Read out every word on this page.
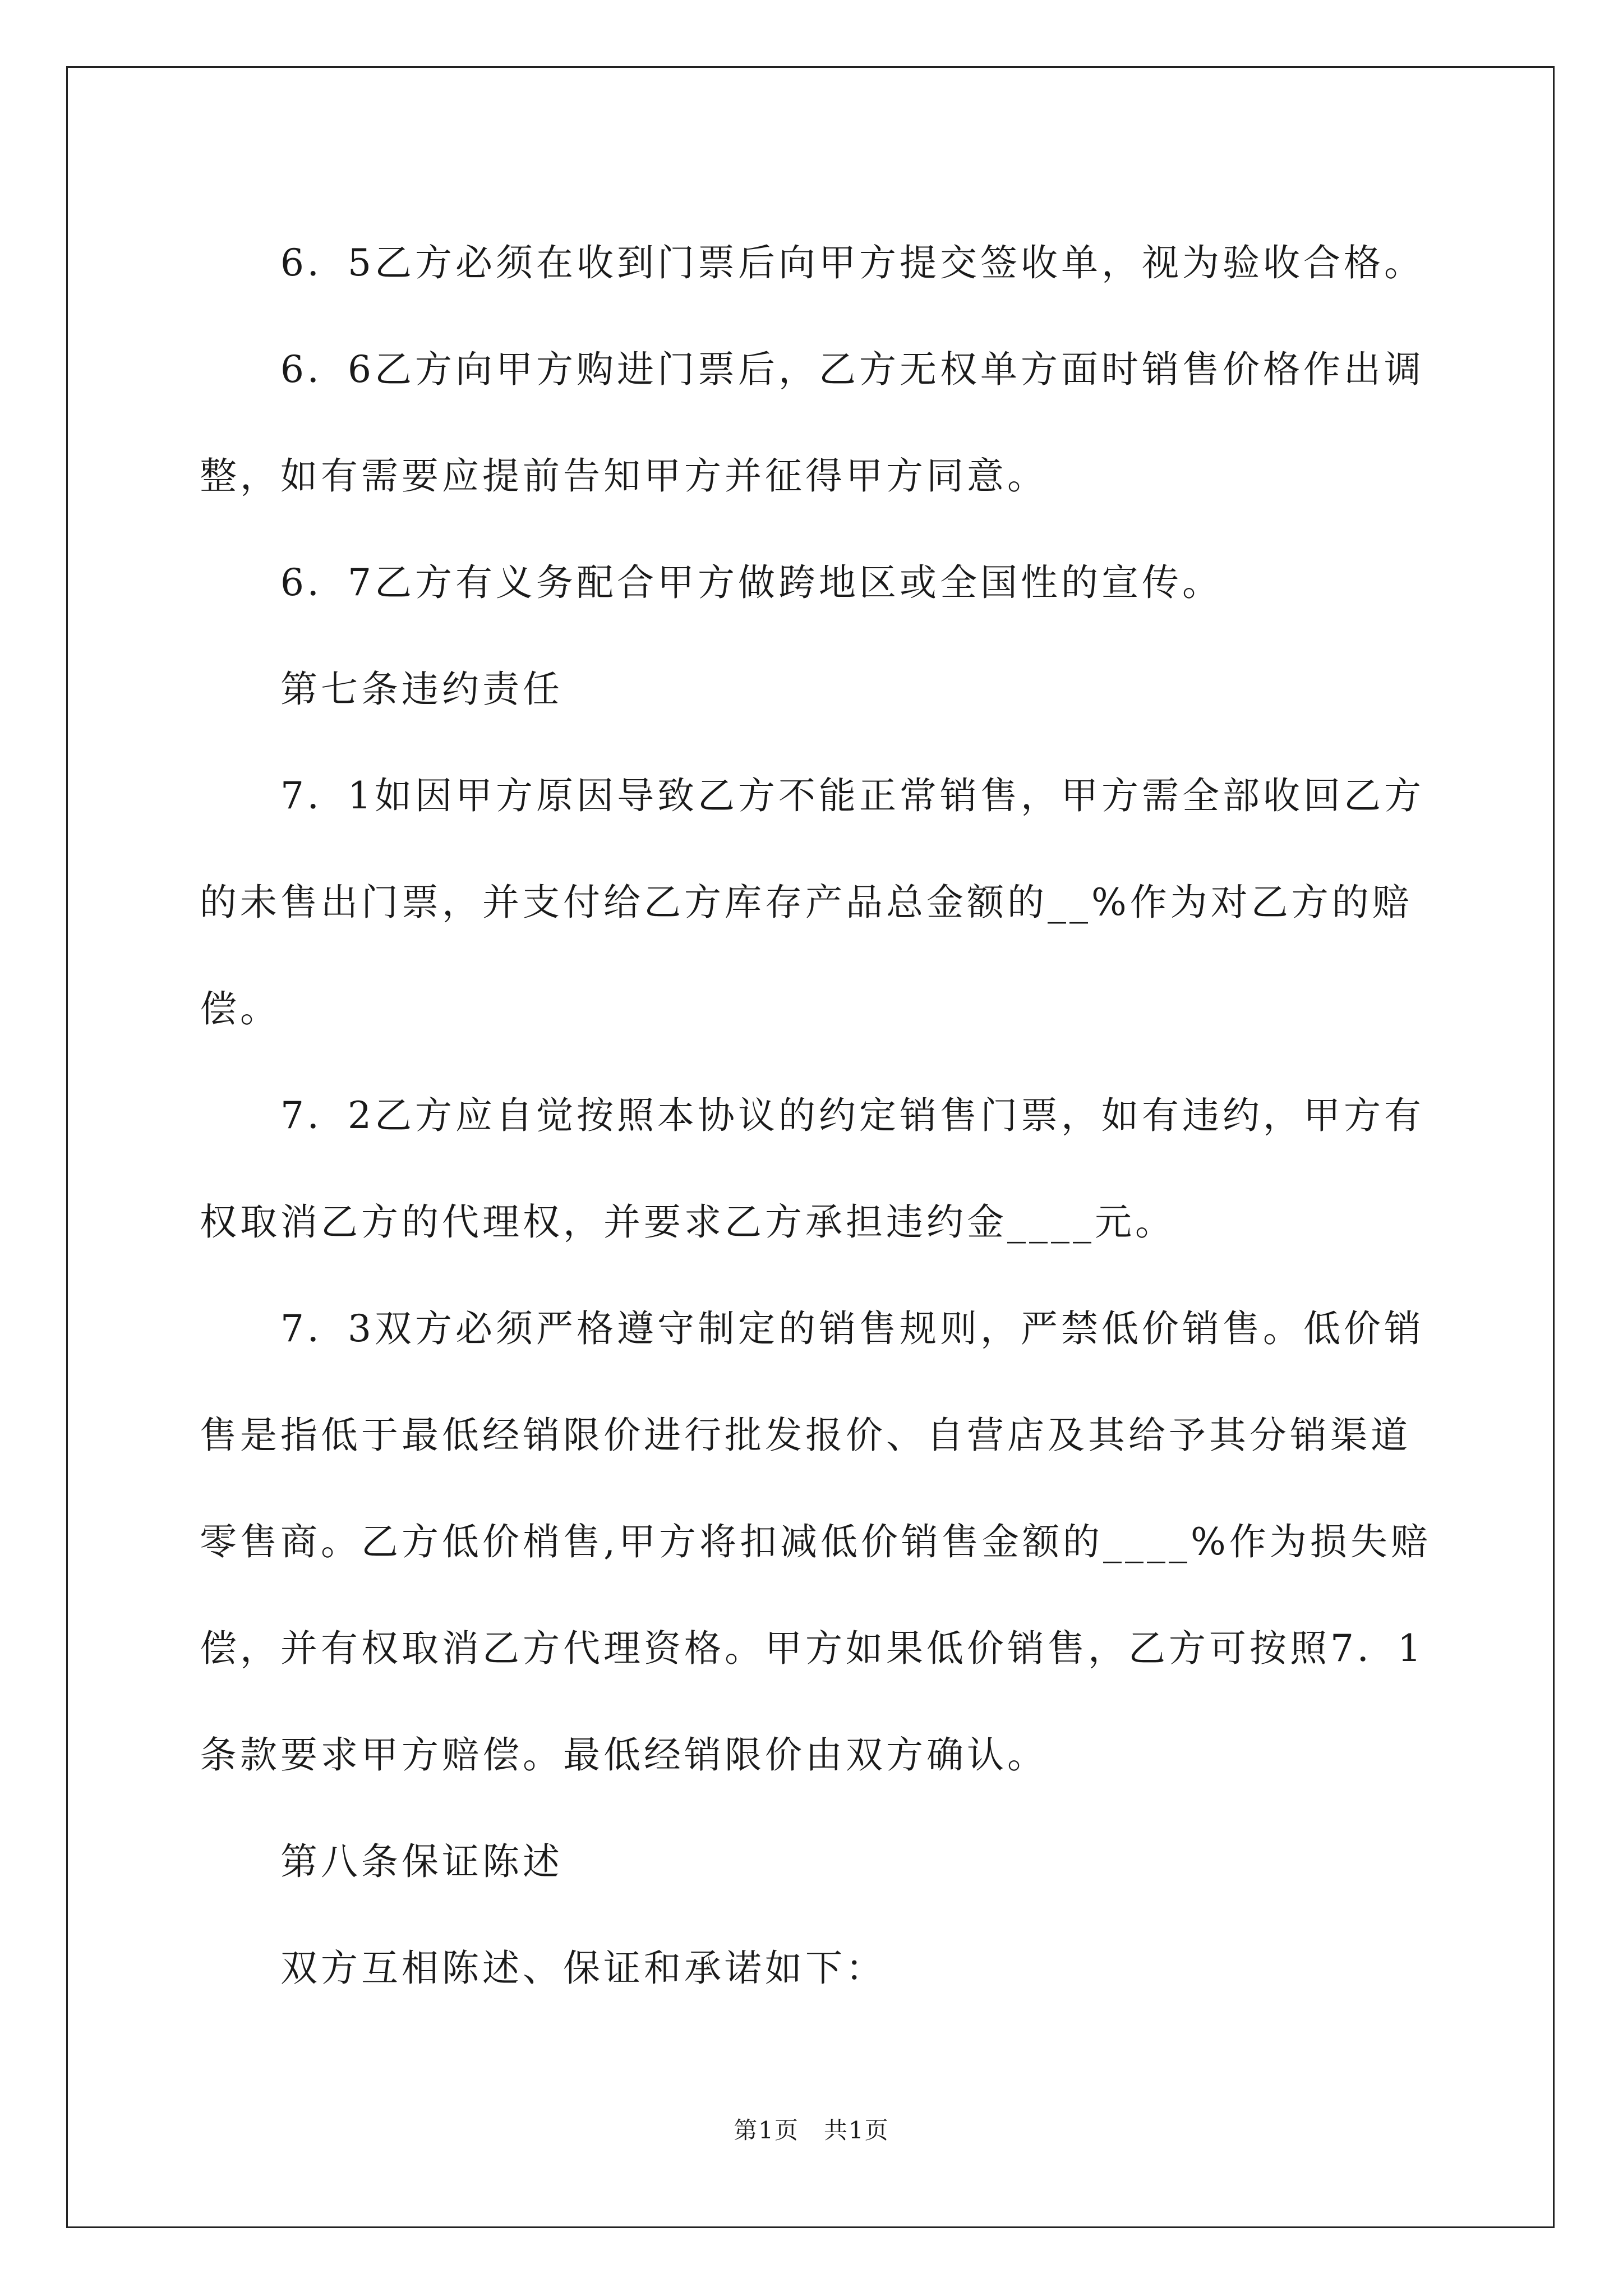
6．5乙方必须在收到门票后向甲方提交签收单，视为验收合格。

6．6乙方向甲方购进门票后，乙方无权单方面时销售价格作出调整，如有需要应提前告知甲方并征得甲方同意。

6．7乙方有义务配合甲方做跨地区或全国性的宣传。

第七条违约责任

7．1如因甲方原因导致乙方不能正常销售，甲方需全部收回乙方的未售出门票，并支付给乙方库存产品总金额的__%作为对乙方的赔偿。

7．2乙方应自觉按照本协议的约定销售门票，如有违约，甲方有权取消乙方的代理权，并要求乙方承担违约金____元。

7．3双方必须严格遵守制定的销售规则，严禁低价销售。低价销售是指低于最低经销限价进行批发报价、自营店及其给予其分销渠道零售商。乙方低价梢售,甲方将扣减低价销售金额的____%作为损失赔偿，并有权取消乙方代理资格。甲方如果低价销售，乙方可按照7．1条款要求甲方赔偿。最低经销限价由双方确认。

第八条保证陈述

双方互相陈述、保证和承诺如下：

第1页　共1页
